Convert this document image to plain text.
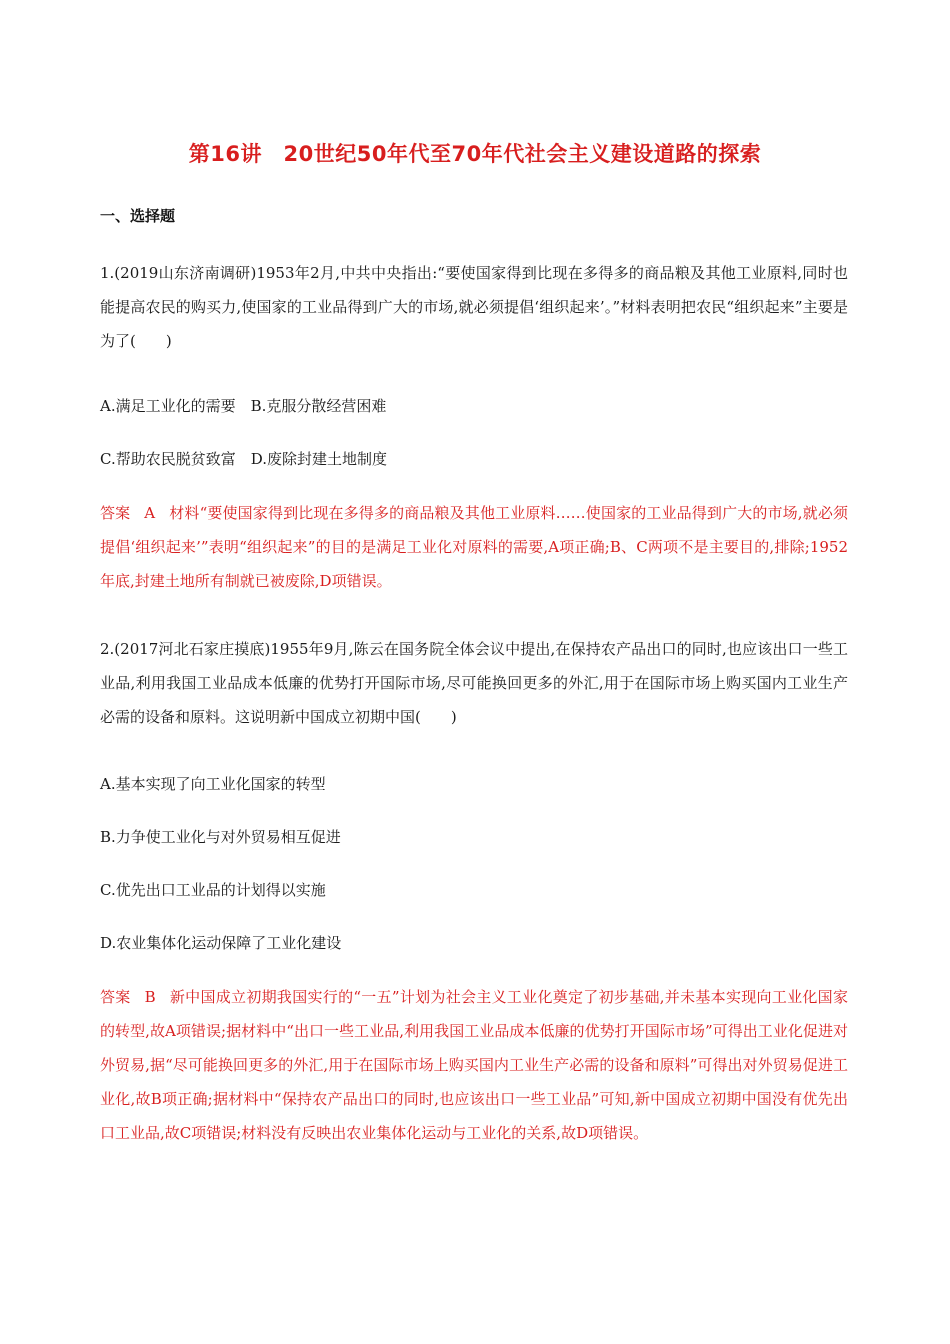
第16讲　20世纪50年代至70年代社会主义建设道路的探索
一、选择题
1.(2019山东济南调研)1953年2月,中共中央指出:“要使国家得到比现在多得多的商品粮及其他工业原料,同时也能提高农民的购买力,使国家的工业品得到广大的市场,就必须提倡‘组织起来’。”材料表明把农民“组织起来”主要是为了(　　)
A.满足工业化的需要　B.克服分散经营困难
C.帮助农民脱贫致富　D.废除封建土地制度
答案 A 材料“要使国家得到比现在多得多的商品粮及其他工业原料……使国家的工业品得到广大的市场,就必须提倡‘组织起来’”表明“组织起来”的目的是满足工业化对原料的需要,A项正确;B、C两项不是主要目的,排除;1952年底,封建土地所有制就已被废除,D项错误。
2.(2017河北石家庄摸底)1955年9月,陈云在国务院全体会议中提出,在保持农产品出口的同时,也应该出口一些工业品,利用我国工业品成本低廉的优势打开国际市场,尽可能换回更多的外汇,用于在国际市场上购买国内工业生产必需的设备和原料。这说明新中国成立初期中国(　　)
A.基本实现了向工业化国家的转型
B.力争使工业化与对外贸易相互促进
C.优先出口工业品的计划得以实施
D.农业集体化运动保障了工业化建设
答案 B 新中国成立初期我国实行的“一五”计划为社会主义工业化奠定了初步基础,并未基本实现向工业化国家的转型,故A项错误;据材料中“出口一些工业品,利用我国工业品成本低廉的优势打开国际市场”可得出工业化促进对外贸易,据“尽可能换回更多的外汇,用于在国际市场上购买国内工业生产必需的设备和原料”可得出对外贸易促进工业化,故B项正确;据材料中“保持农产品出口的同时,也应该出口一些工业品”可知,新中国成立初期中国没有优先出口工业品,故C项错误;材料没有反映出农业集体化运动与工业化的关系,故D项错误。
